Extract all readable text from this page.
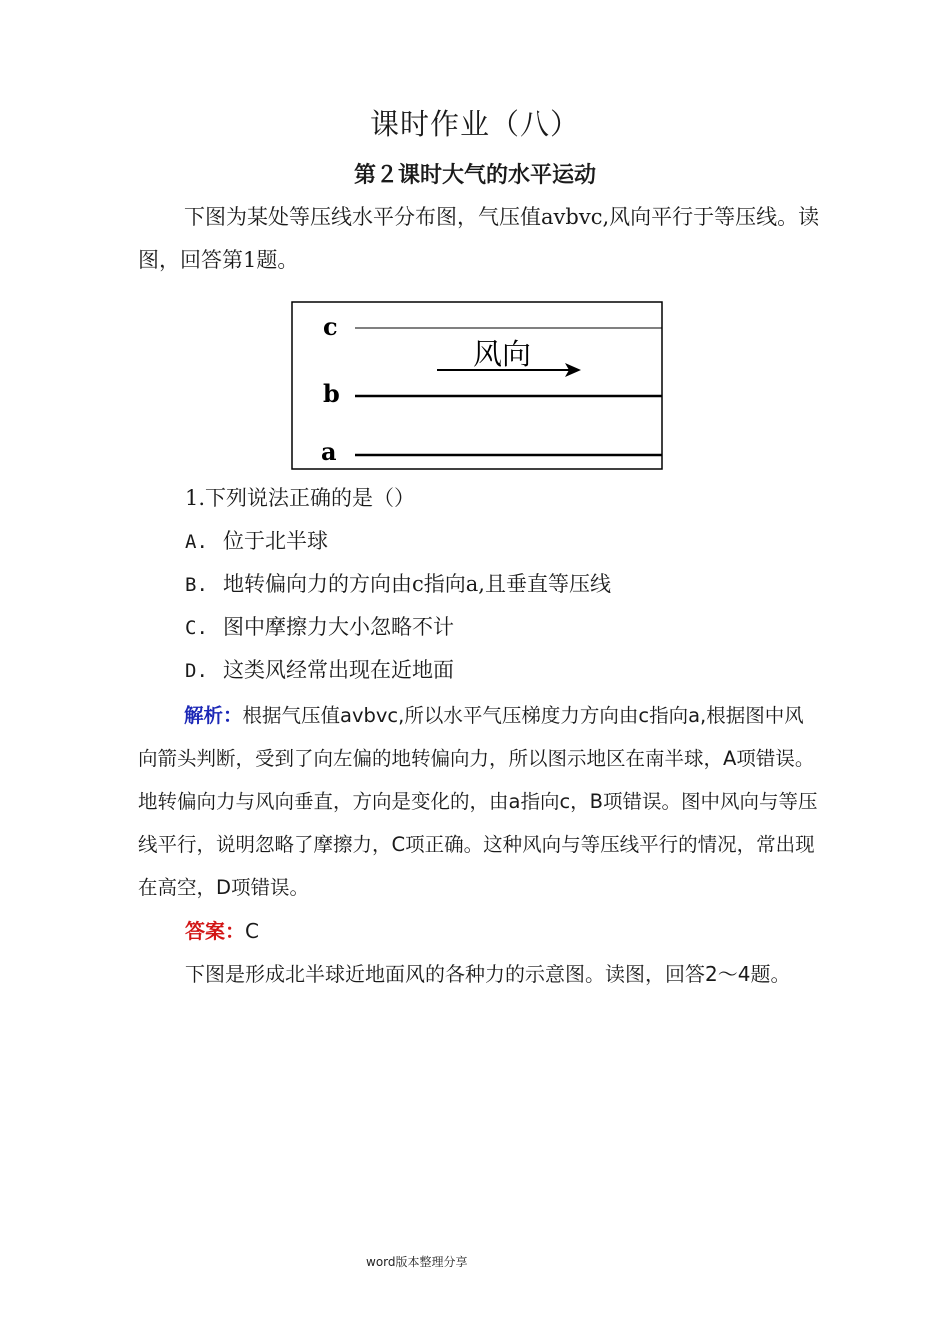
课时作业（八）
第２课时大气的水平运动

下图为某处等压线水平分布图，气压值avbvc,风向平行于等压线。读图，回答第1题。

c
b
a
风向
1.下列说法正确的是（）
A. 位于北半球
B. 地转偏向力的方向由c指向a,且垂直等压线
C. 图中摩擦力大小忽略不计
D. 这类风经常出现在近地面

解析：根据气压值avbvc,所以水平气压梯度力方向由c指向a,根据图中风向箭头判断，受到了向左偏的地转偏向力，所以图示地区在南半球，A项错误。地转偏向力与风向垂直，方向是变化的，由a指向c，B项错误。图中风向与等压线平行，说明忽略了摩擦力，C项正确。这种风向与等压线平行的情况，常出现在高空，D项错误。

答案：C
下图是形成北半球近地面风的各种力的示意图。读图，回答2～4题。
word版本整理分享
